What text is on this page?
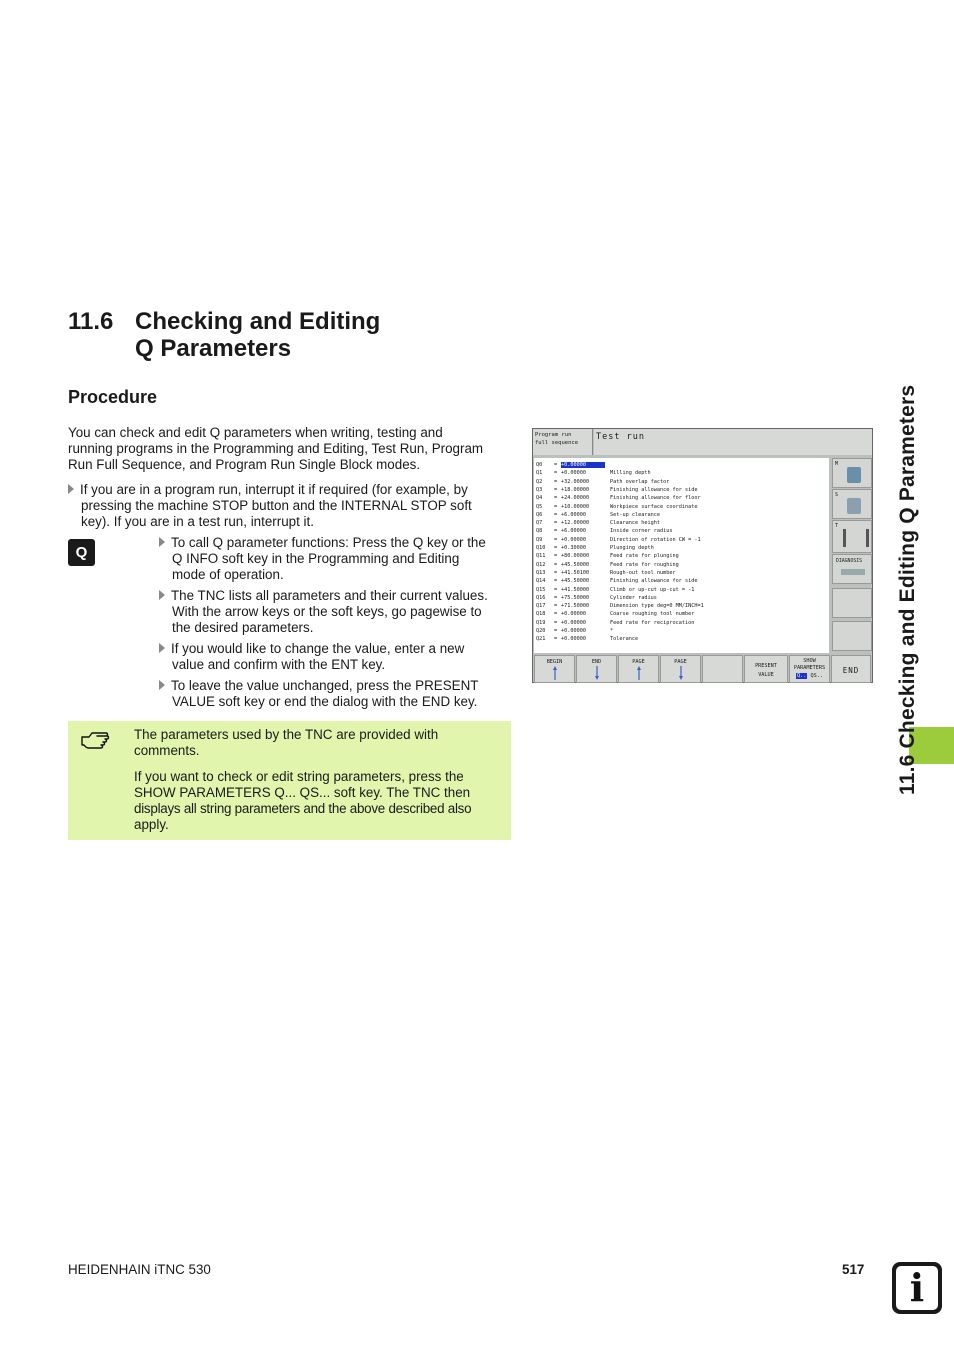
11.6 Checking and Editing
Q Parameters
Procedure
You can check and edit Q parameters when writing, testing and
running programs in the Programming and Editing, Test Run, Program
Run Full Sequence, and Program Run Single Block modes.
If you are in a program run, interrupt it if required (for example, by
pressing the machine STOP button and the INTERNAL STOP soft
key). If you are in a test run, interrupt it.
Q
To call Q parameter functions: Press the Q key or the
Q INFO soft key in the Programming and Editing
mode of operation.
The TNC lists all parameters and their current values.
With the arrow keys or the soft keys, go pagewise to
the desired parameters.
If you would like to change the value, enter a new
value and confirm with the ENT key.
To leave the value unchanged, press the PRESENT
VALUE soft key or end the dialog with the END key.
The parameters used by the TNC are provided with
comments.
If you want to check or edit string parameters, press the
SHOW PARAMETERS Q... QS... soft key. The TNC then
displays all string parameters and the above described also
apply.
11.6 Checking and Editing Q Parameters
Program run
full sequence
Test run
Q0 = +0.00000
Q1 = +0.00000	Milling depth
Q2 = +32.00000	Path overlap factor
Q3 = +18.00000	Finishing allowance for side
Q4 = +24.00000	Finishing allowance for floor
Q5 = +10.00000	Workpiece surface coordinate
Q6 = +6.00000	Set-up clearance
Q7 = +12.00000	Clearance height
Q8 = +6.00000	Inside corner radius
Q9 = +0.00000	Direction of rotation CW = -1
Q10 = +0.30000	Plunging depth
Q11 = +80.00000	Feed rate for plunging
Q12 = +45.50000	Feed rate for roughing
Q13 = +41.50100	Rough-out tool number
Q14 = +45.50000	Finishing allowance for side
Q15 = +41.50000	Climb or up-cut up-cut = -1
Q16 = +75.50000	Cylinder radius
Q17 = +71.50000	Dimension type deg=0 MM/INCH=1
Q18 = +0.00000	Coarse roughing tool number
Q19 = +0.00000	Feed rate for reciprocation
Q20 = +0.00000	*
Q21 = +0.00000	Tolerance
M
S
T
DIAGNOSIS
BEGIN	END	PAGE	PAGE
PRESENT
VALUE
SHOW
PARAMETERS
Q.. QS..
END
HEIDENHAIN iTNC 530	517	i
